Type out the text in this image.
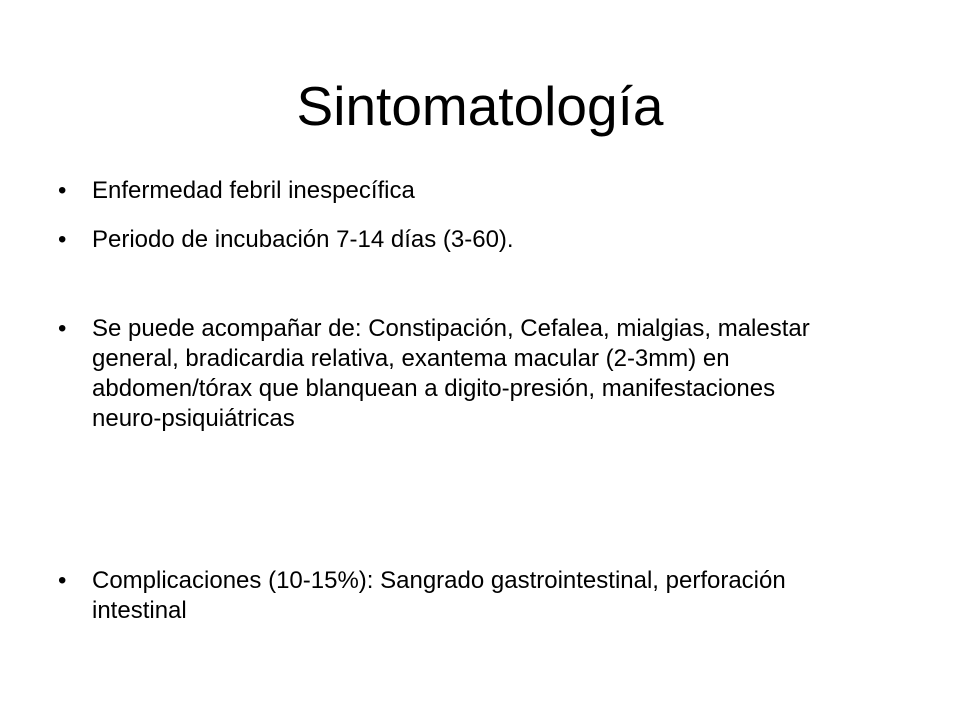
Sintomatología
• Enfermedad febril inespecífica
• Periodo de incubación 7-14 días (3-60).
• Se puede acompañar de: Constipación, Cefalea, mialgias, malestar general, bradicardia relativa, exantema macular (2-3mm) en abdomen/tórax que blanquean a digito-presión, manifestaciones neuro-psiquiátricas
• Complicaciones (10-15%): Sangrado gastrointestinal, perforación intestinal
